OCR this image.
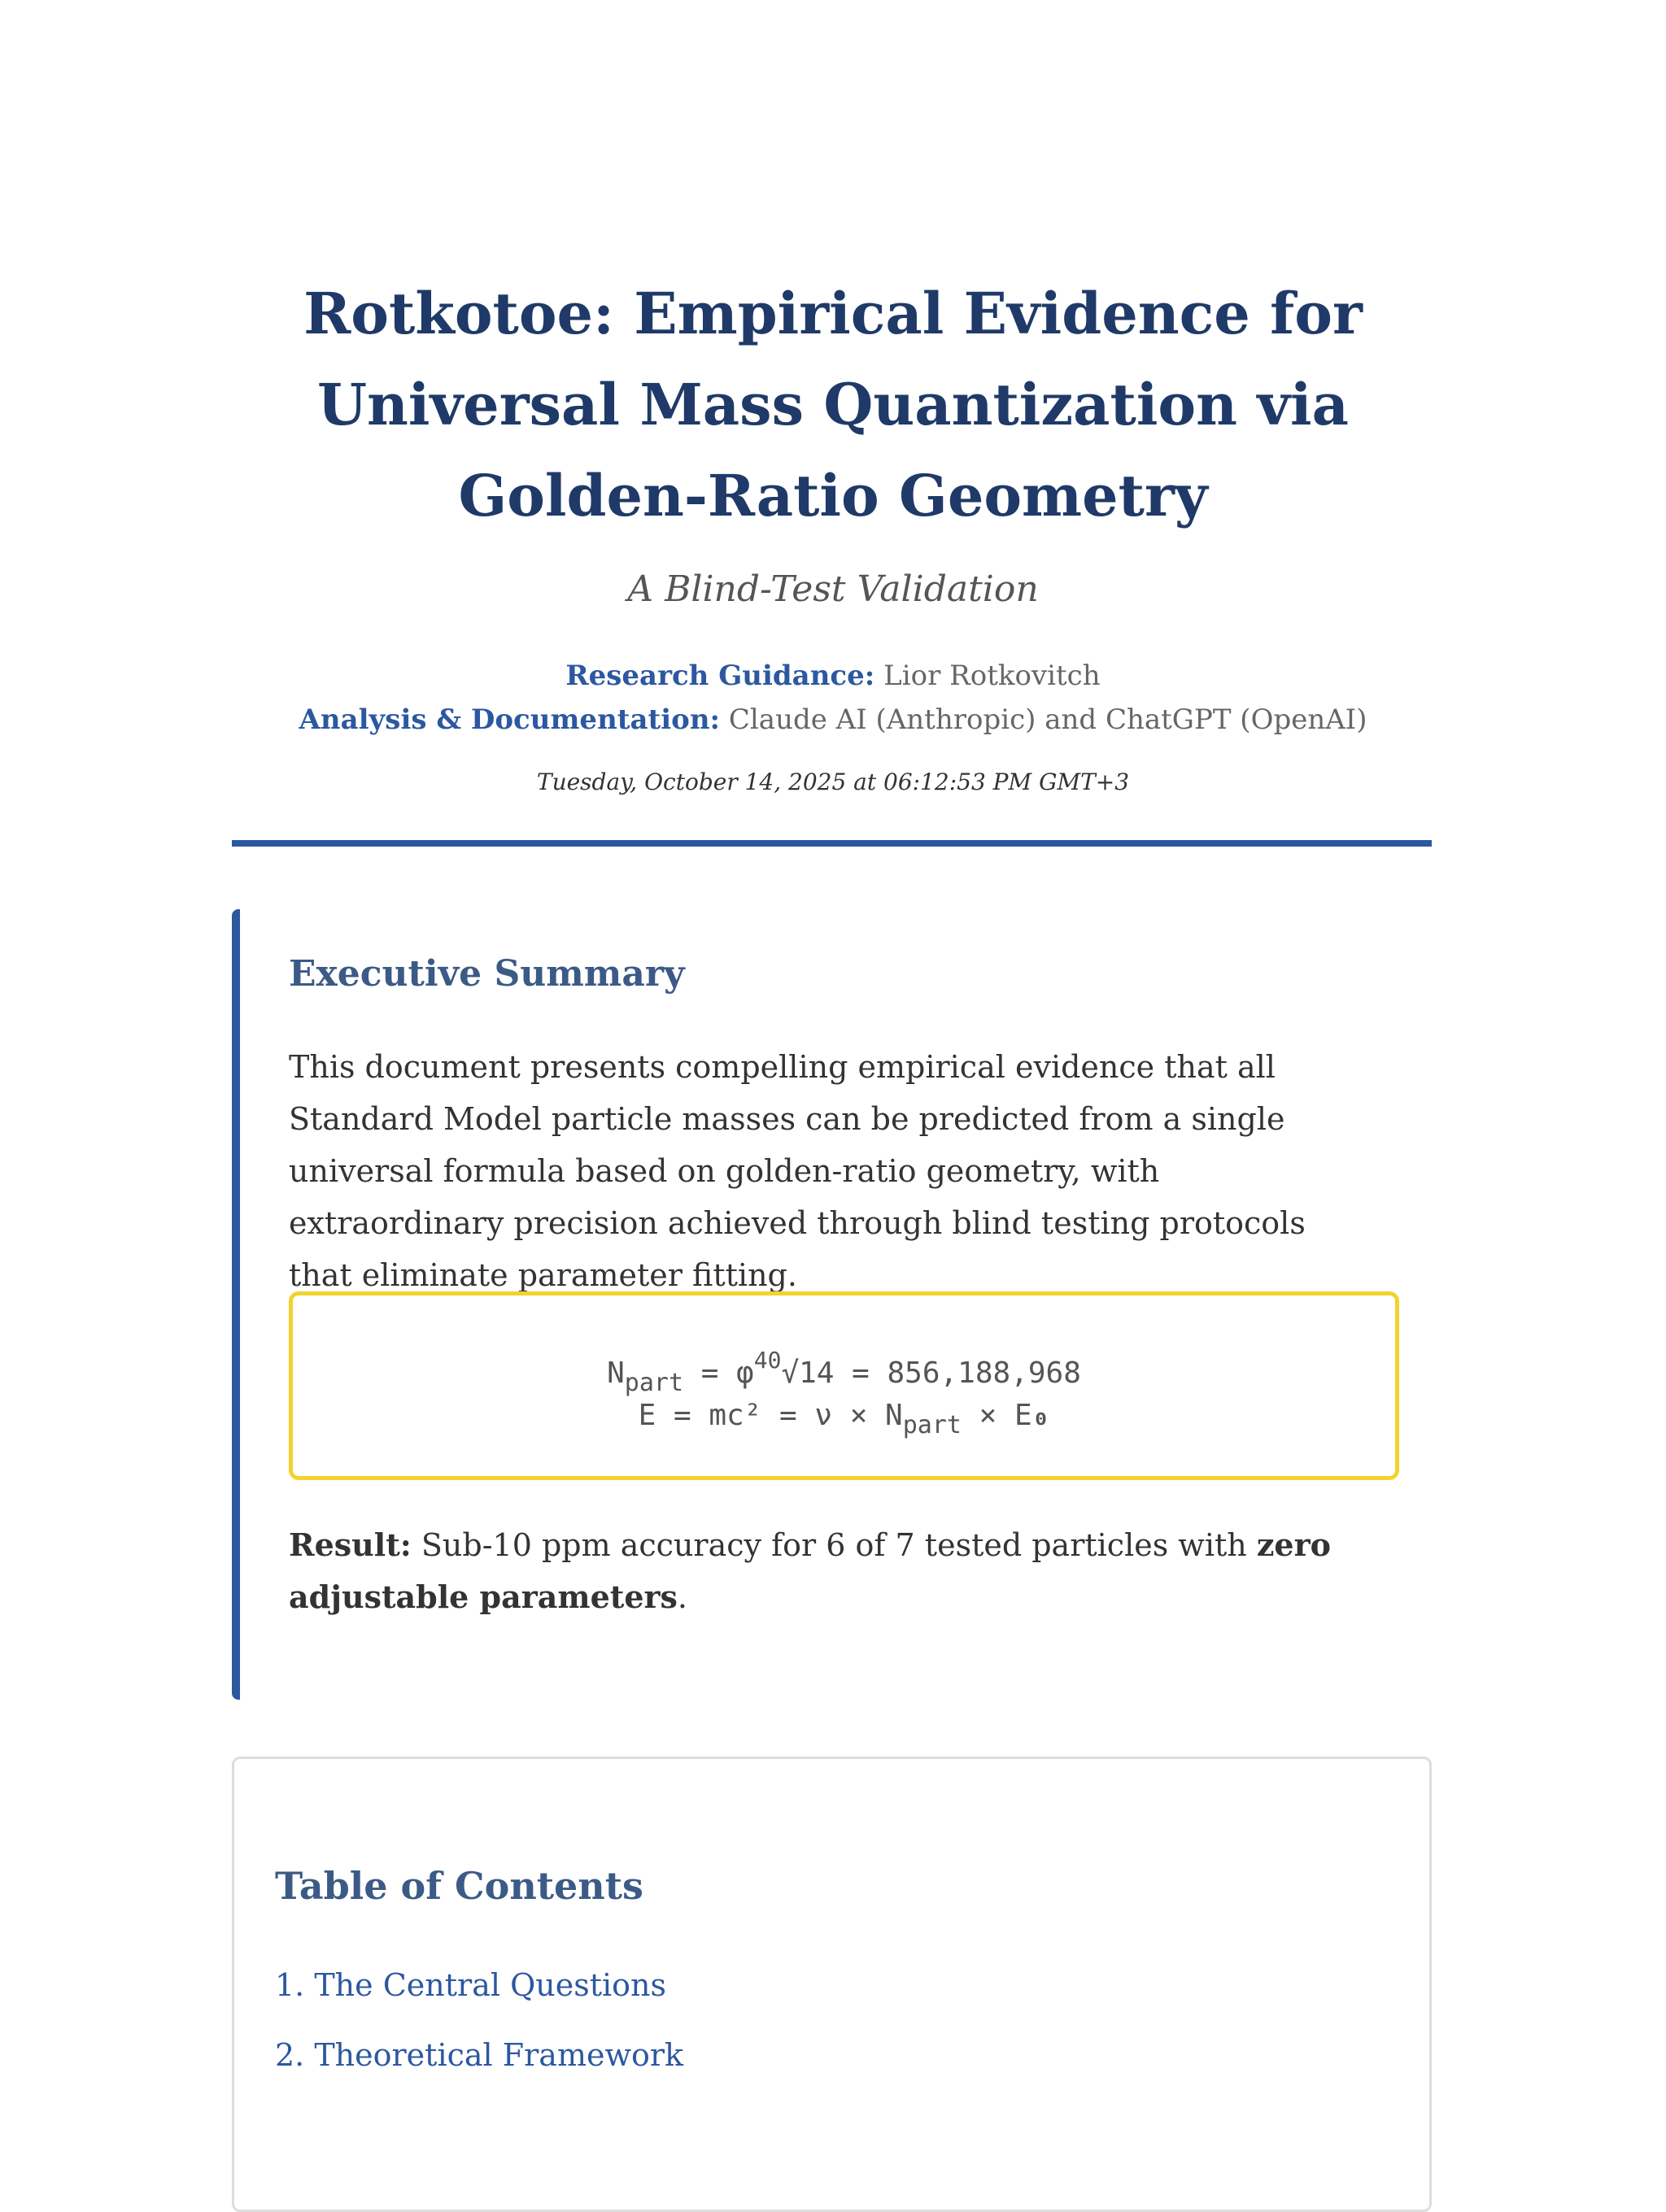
Rotkotoe: Empirical Evidence for Universal Mass Quantization via Golden-Ratio Geometry
A Blind-Test Validation
Research Guidance: Lior Rotkovitch
Analysis & Documentation: Claude AI (Anthropic) and ChatGPT (OpenAI)
Tuesday, October 14, 2025 at 06:12:53 PM GMT+3
Executive Summary

This document presents compelling empirical evidence that all Standard Model particle masses can be predicted from a single universal formula based on golden-ratio geometry, with extraordinary precision achieved through blind testing protocols that eliminate parameter fitting.

$N_{part} = \varphi^{40}√14 = 856,188,968$
$E = mc^2 = \nu \times N_{part} \times E_0$

Result: Sub-10 ppm accuracy for 6 of 7 tested particles with zero adjustable parameters.

Table of Contents
1. The Central Questions
2. Theoretical Framework
